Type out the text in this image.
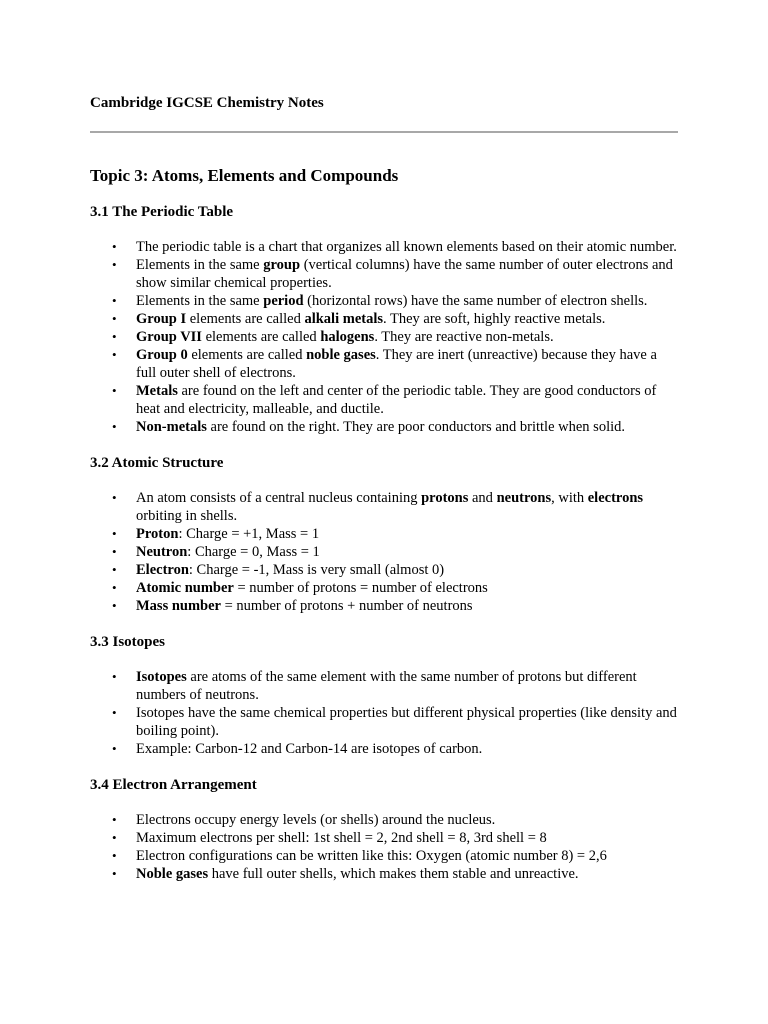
Cambridge IGCSE Chemistry Notes
Topic 3: Atoms, Elements and Compounds
3.1 The Periodic Table
• The periodic table is a chart that organizes all known elements based on their atomic number.
• Elements in the same group (vertical columns) have the same number of outer electrons and show similar chemical properties.
• Elements in the same period (horizontal rows) have the same number of electron shells.
• Group I elements are called alkali metals. They are soft, highly reactive metals.
• Group VII elements are called halogens. They are reactive non-metals.
• Group 0 elements are called noble gases. They are inert (unreactive) because they have a full outer shell of electrons.
• Metals are found on the left and center of the periodic table. They are good conductors of heat and electricity, malleable, and ductile.
• Non-metals are found on the right. They are poor conductors and brittle when solid.
3.2 Atomic Structure
• An atom consists of a central nucleus containing protons and neutrons, with electrons orbiting in shells.
• Proton: Charge = +1, Mass = 1
• Neutron: Charge = 0, Mass = 1
• Electron: Charge = -1, Mass is very small (almost 0)
• Atomic number = number of protons = number of electrons
• Mass number = number of protons + number of neutrons
3.3 Isotopes
• Isotopes are atoms of the same element with the same number of protons but different numbers of neutrons.
• Isotopes have the same chemical properties but different physical properties (like density and boiling point).
• Example: Carbon-12 and Carbon-14 are isotopes of carbon.
3.4 Electron Arrangement
• Electrons occupy energy levels (or shells) around the nucleus.
• Maximum electrons per shell: 1st shell = 2, 2nd shell = 8, 3rd shell = 8
• Electron configurations can be written like this: Oxygen (atomic number 8) = 2,6
• Noble gases have full outer shells, which makes them stable and unreactive.
